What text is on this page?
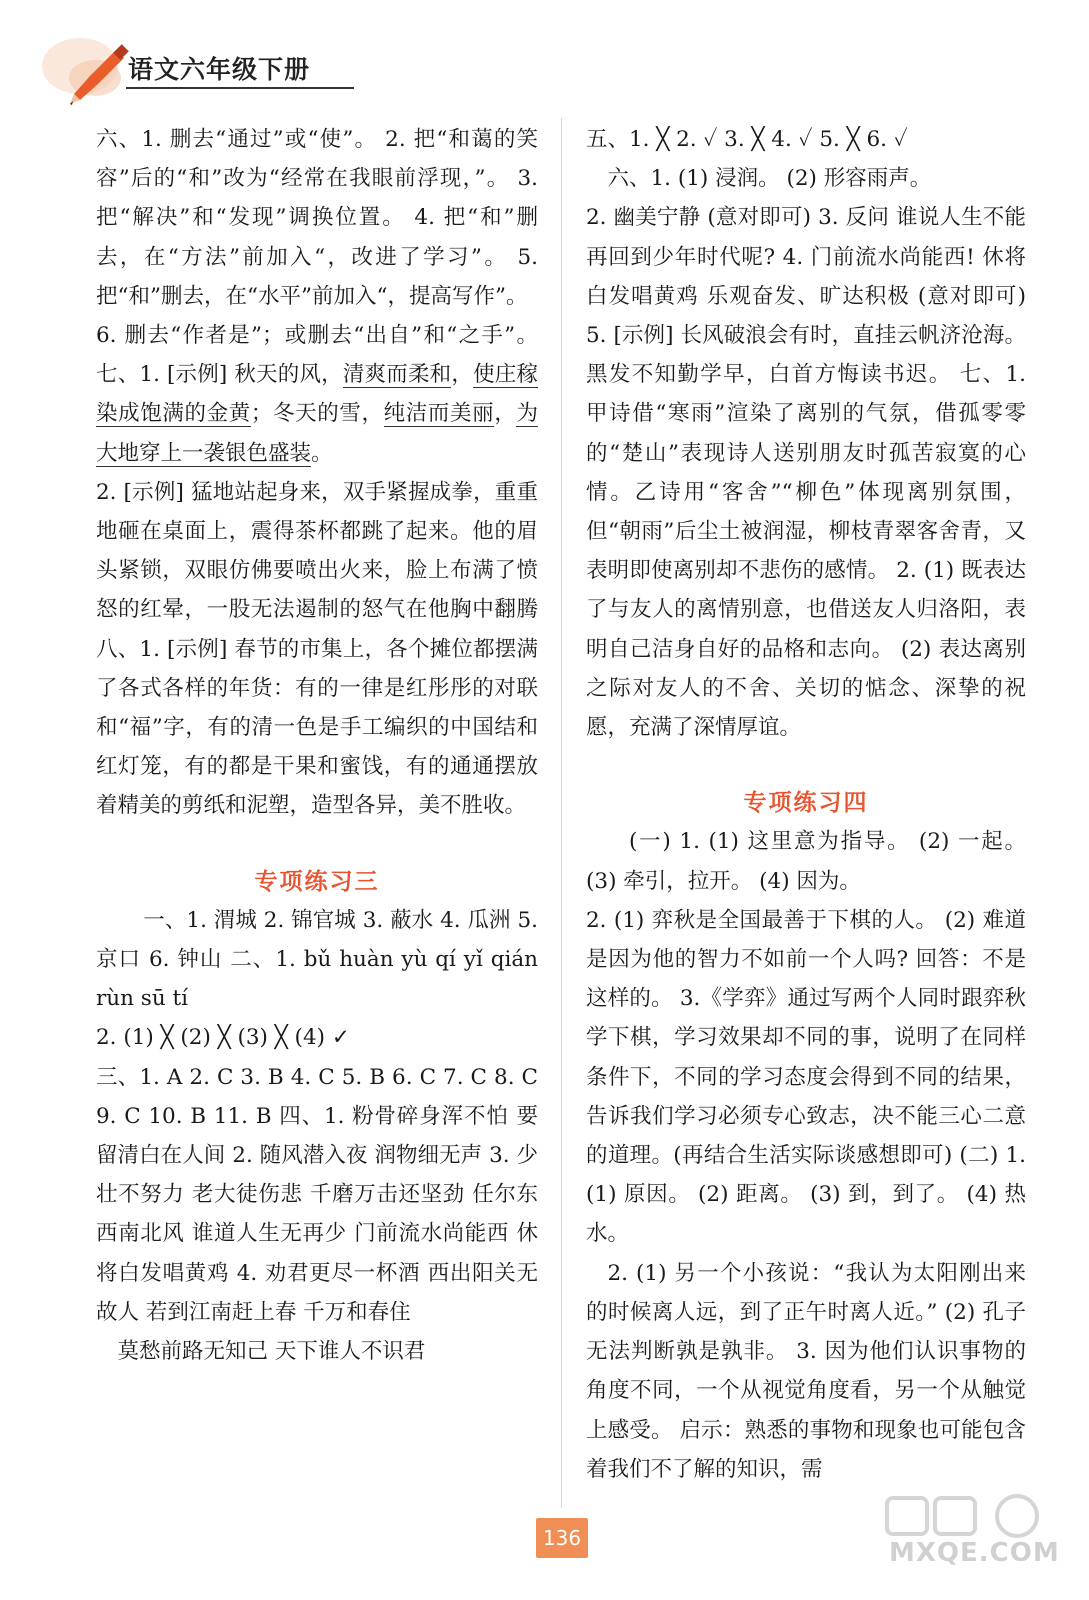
语文六年级下册

六、1. 删去“通过”或“使”。 2. 把“和蔼的笑容”后的“和”改为“经常在我眼前浮现，”。 3. 把“解决”和“发现”调换位置。 4. 把“和”删去，在“方法”前加入“，改进了学习”。 5. 把“和”删去，在“水平”前加入“，提高写作”。

6. 删去“作者是”；或删去“出自”和“之手”。 七、1. [示例] 秋天的风，清爽而柔和，使庄稼染成饱满的金黄；冬天的雪，纯洁而美丽，为大地穿上一袭银色盛装。

2. [示例] 猛地站起身来，双手紧握成拳，重重地砸在桌面上，震得茶杯都跳了起来。他的眉头紧锁，双眼仿佛要喷出火来，脸上布满了愤怒的红晕，一股无法遏制的怒气在他胸中翻腾 八、1. [示例] 春节的市集上，各个摊位都摆满了各式各样的年货：有的一律是红彤彤的对联和“福”字，有的清一色是手工编织的中国结和红灯笼，有的都是干果和蜜饯，有的通通摆放着精美的剪纸和泥塑，造型各异，美不胜收。

专项练习三

一、1. 渭城 2. 锦官城 3. 蔽水 4. 瓜洲 5. 京口 6. 钟山 二、1. bǔ huàn yù qí yǐ qián rùn sū tí

2. (1) ╳ (2) ╳ (3) ╳ (4) ✓

三、1. A 2. C 3. B 4. C 5. B 6. C 7. C 8. C 9. C 10. B 11. B 四、1. 粉骨碎身浑不怕 要留清白在人间 2. 随风潜入夜 润物细无声 3. 少壮不努力 老大徒伤悲 千磨万击还坚劲 任尔东西南北风 谁道人生无再少 门前流水尚能西 休将白发唱黄鸡 4. 劝君更尽一杯酒 西出阳关无故人 若到江南赶上春 千万和春住

莫愁前路无知己 天下谁人不识君

五、1. ╳ 2. ✓ 3. ╳ 4. ✓ 5. ╳ 6. ✓

六、1. (1) 浸润。 (2) 形容雨声。

2. 幽美宁静 (意对即可) 3. 反问 谁说人生不能再回到少年时代呢? 4. 门前流水尚能西! 休将白发唱黄鸡 乐观奋发、旷达积极 (意对即可) 5. [示例] 长风破浪会有时，直挂云帆济沧海。 黑发不知勤学早，白首方悔读书迟。 七、1. 甲诗借“寒雨”渲染了离别的气氛，借孤零零的“楚山”表现诗人送别朋友时孤苦寂寞的心情。乙诗用“客舍”“柳色”体现离别氛围，但“朝雨”后尘土被润湿，柳枝青翠客舍青，又表明即使离别却不悲伤的感情。 2. (1) 既表达了与友人的离情别意，也借送友人归洛阳，表明自己洁身自好的品格和志向。 (2) 表达离别之际对友人的不舍、关切的惦念、深挚的祝愿，充满了深情厚谊。

专项练习四

(一) 1. (1) 这里意为指导。 (2) 一起。 (3) 牵引，拉开。 (4) 因为。

2. (1) 弈秋是全国最善于下棋的人。 (2) 难道是因为他的智力不如前一个人吗? 回答：不是这样的。 3.《学弈》通过写两个人同时跟弈秋学下棋，学习效果却不同的事，说明了在同样条件下，不同的学习态度会得到不同的结果，告诉我们学习必须专心致志，决不能三心二意的道理。(再结合生活实际谈感想即可) (二) 1. (1) 原因。 (2) 距离。 (3) 到，到了。 (4) 热水。

2. (1) 另一个小孩说：“我认为太阳刚出来的时候离人远，到了正午时离人近。” (2) 孔子无法判断孰是孰非。 3. 因为他们认识事物的角度不同，一个从视觉角度看，另一个从触觉上感受。 启示：熟悉的事物和现象也可能包含着我们不了解的知识，需

136	MXQE.COM
